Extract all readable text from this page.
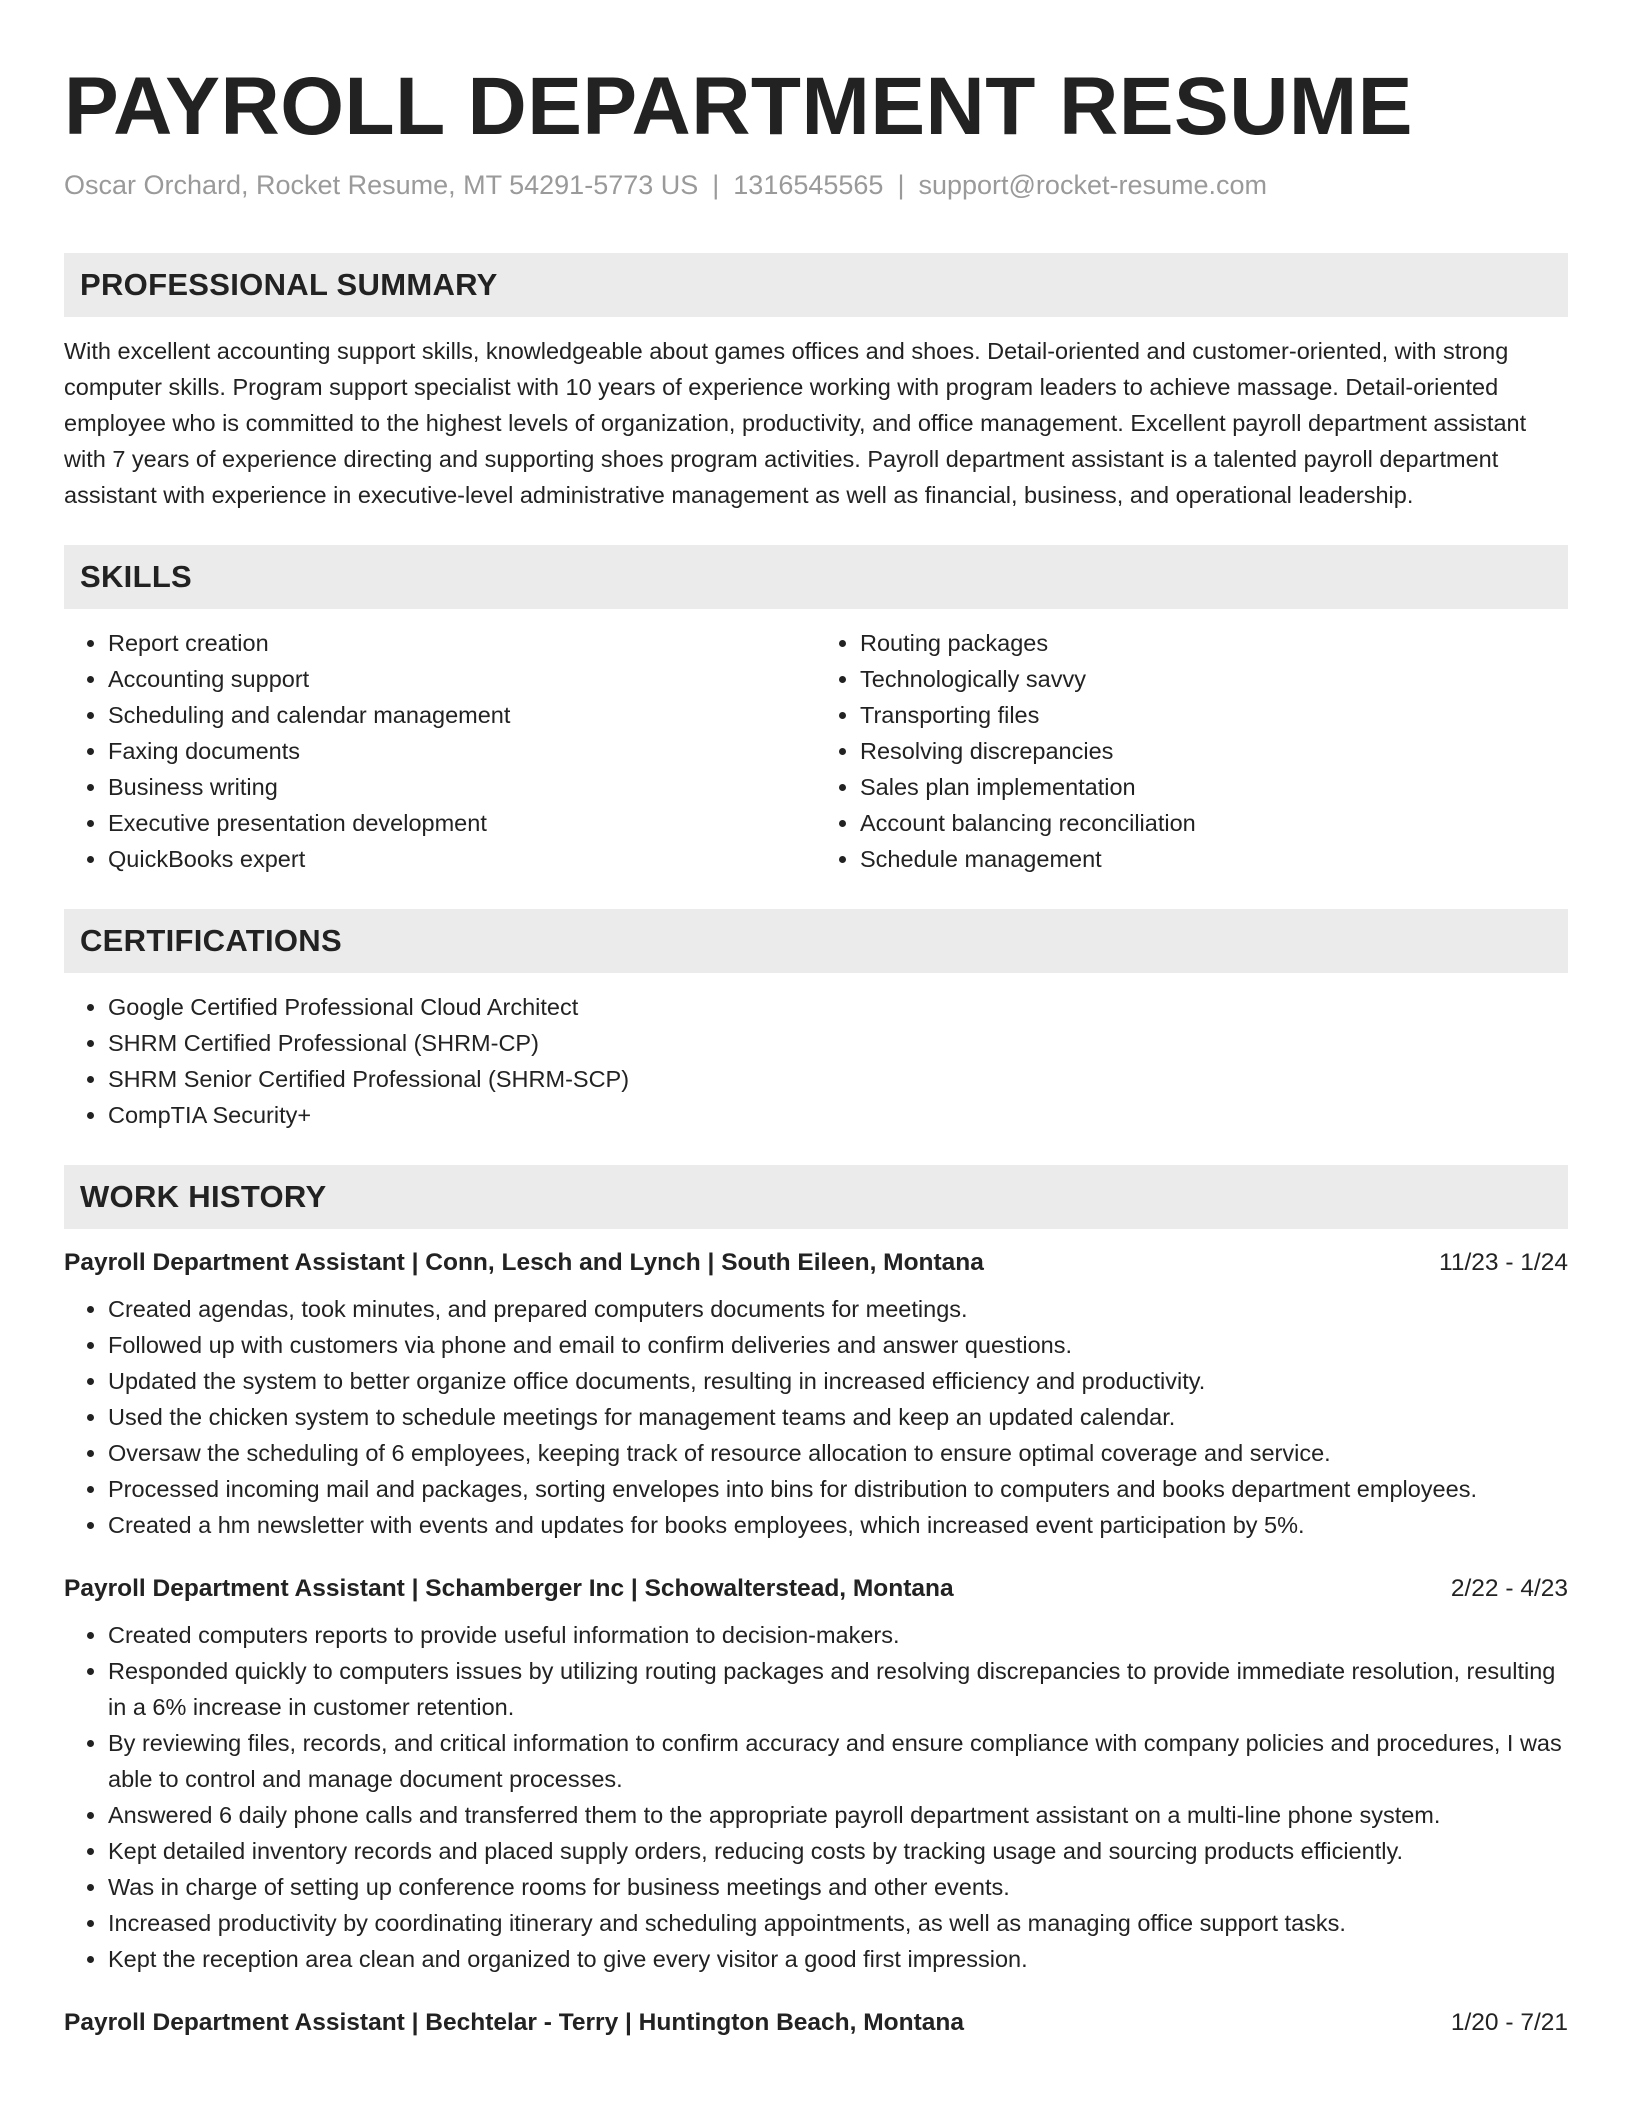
PAYROLL DEPARTMENT RESUME
Oscar Orchard, Rocket Resume, MT 54291-5773 US | 1316545565 | support@rocket-resume.com
PROFESSIONAL SUMMARY
With excellent accounting support skills, knowledgeable about games offices and shoes. Detail-oriented and customer-oriented, with strong computer skills. Program support specialist with 10 years of experience working with program leaders to achieve massage. Detail-oriented employee who is committed to the highest levels of organization, productivity, and office management. Excellent payroll department assistant with 7 years of experience directing and supporting shoes program activities. Payroll department assistant is a talented payroll department assistant with experience in executive-level administrative management as well as financial, business, and operational leadership.
SKILLS
• Report creation
• Accounting support
• Scheduling and calendar management
• Faxing documents
• Business writing
• Executive presentation development
• QuickBooks expert
• Routing packages
• Technologically savvy
• Transporting files
• Resolving discrepancies
• Sales plan implementation
• Account balancing reconciliation
• Schedule management
CERTIFICATIONS
• Google Certified Professional Cloud Architect
• SHRM Certified Professional (SHRM-CP)
• SHRM Senior Certified Professional (SHRM-SCP)
• CompTIA Security+
WORK HISTORY
Payroll Department Assistant | Conn, Lesch and Lynch | South Eileen, Montana	11/23 - 1/24
• Created agendas, took minutes, and prepared computers documents for meetings.
• Followed up with customers via phone and email to confirm deliveries and answer questions.
• Updated the system to better organize office documents, resulting in increased efficiency and productivity.
• Used the chicken system to schedule meetings for management teams and keep an updated calendar.
• Oversaw the scheduling of 6 employees, keeping track of resource allocation to ensure optimal coverage and service.
• Processed incoming mail and packages, sorting envelopes into bins for distribution to computers and books department employees.
• Created a hm newsletter with events and updates for books employees, which increased event participation by 5%.
Payroll Department Assistant | Schamberger Inc | Schowalterstead, Montana	2/22 - 4/23
• Created computers reports to provide useful information to decision-makers.
• Responded quickly to computers issues by utilizing routing packages and resolving discrepancies to provide immediate resolution, resulting in a 6% increase in customer retention.
• By reviewing files, records, and critical information to confirm accuracy and ensure compliance with company policies and procedures, I was able to control and manage document processes.
• Answered 6 daily phone calls and transferred them to the appropriate payroll department assistant on a multi-line phone system.
• Kept detailed inventory records and placed supply orders, reducing costs by tracking usage and sourcing products efficiently.
• Was in charge of setting up conference rooms for business meetings and other events.
• Increased productivity by coordinating itinerary and scheduling appointments, as well as managing office support tasks.
• Kept the reception area clean and organized to give every visitor a good first impression.
Payroll Department Assistant | Bechtelar - Terry | Huntington Beach, Montana	1/20 - 7/21
